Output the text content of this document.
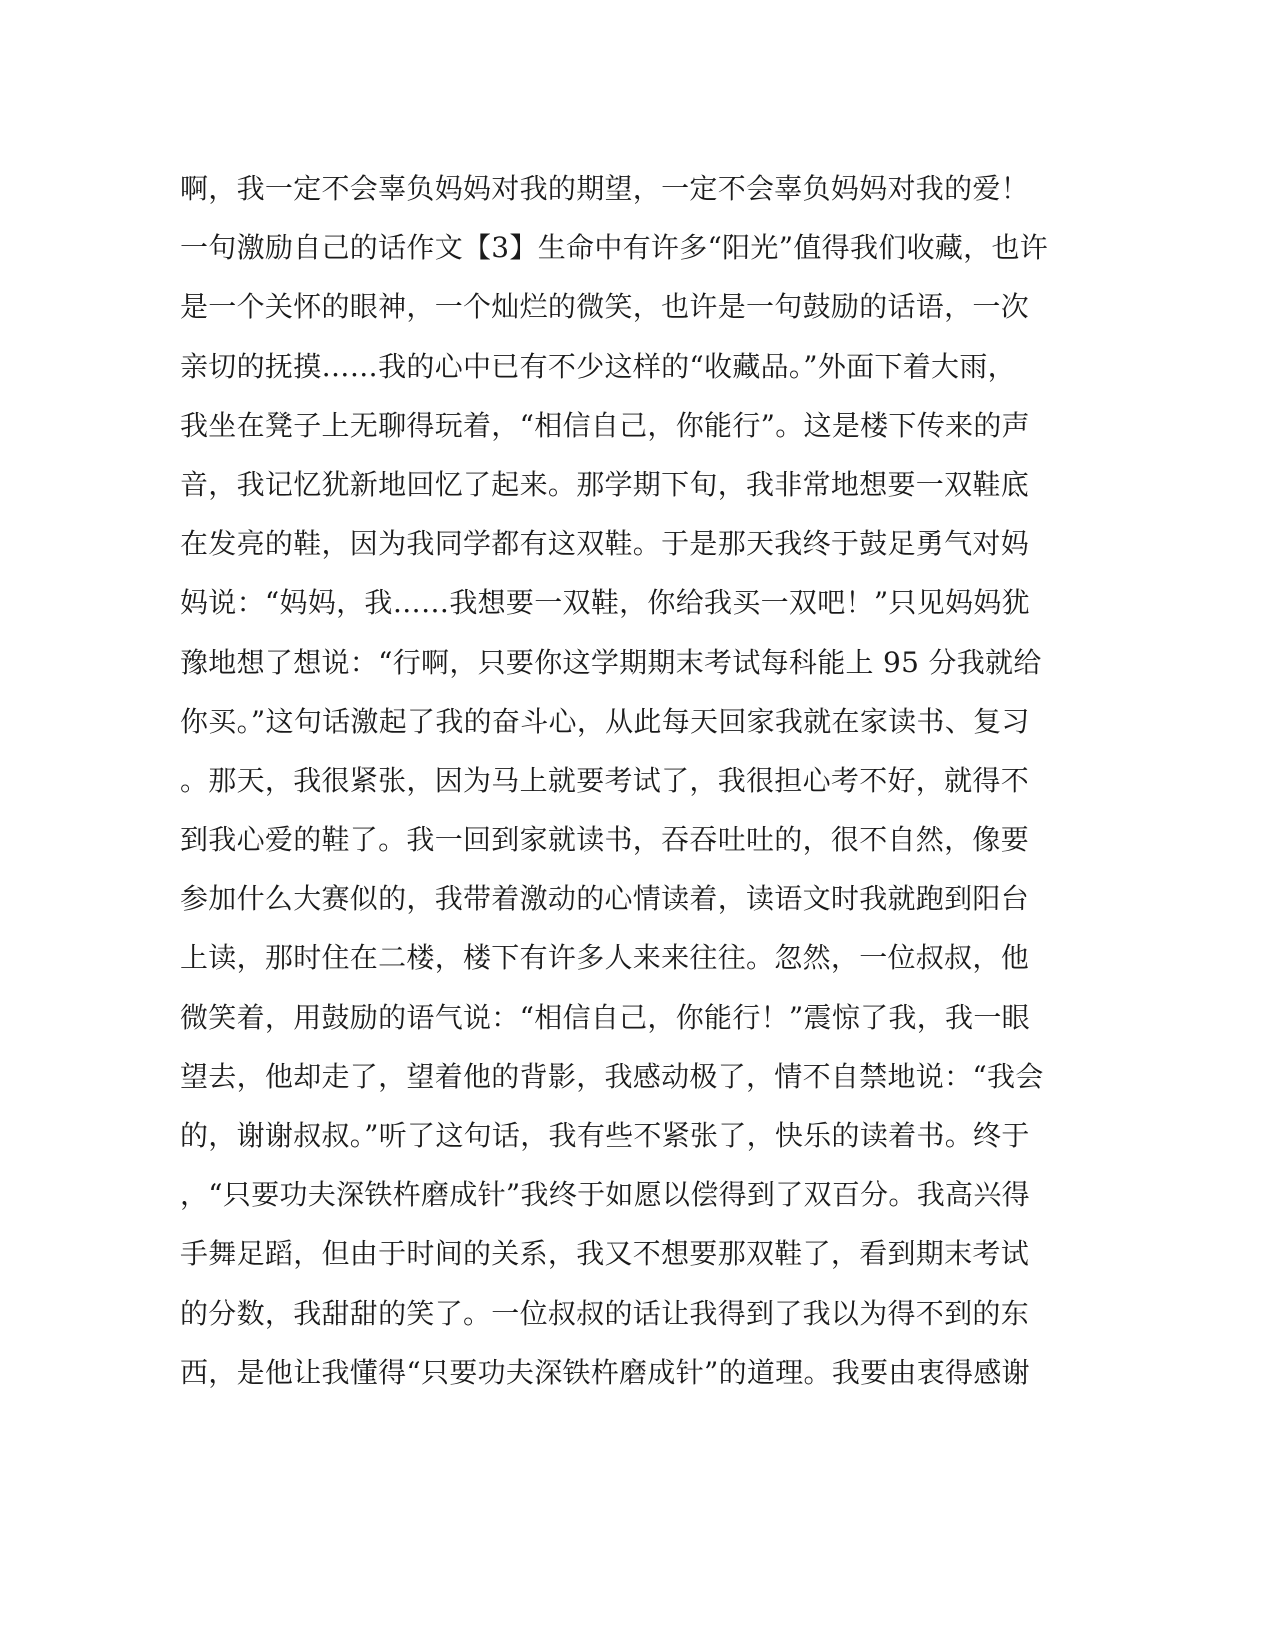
啊，我一定不会辜负妈妈对我的期望，一定不会辜负妈妈对我的爱！
一句激励自己的话作文【3】生命中有许多“阳光”值得我们收藏，也许
是一个关怀的眼神，一个灿烂的微笑，也许是一句鼓励的话语，一次
亲切的抚摸……我的心中已有不少这样的“收藏品。”外面下着大雨，
我坐在凳子上无聊得玩着，“相信自己，你能行”。这是楼下传来的声
音，我记忆犹新地回忆了起来。那学期下旬，我非常地想要一双鞋底
在发亮的鞋，因为我同学都有这双鞋。于是那天我终于鼓足勇气对妈
妈说：“妈妈，我……我想要一双鞋，你给我买一双吧！”只见妈妈犹
豫地想了想说：“行啊，只要你这学期期末考试每科能上 95 分我就给
你买。”这句话激起了我的奋斗心，从此每天回家我就在家读书、复习
。那天，我很紧张，因为马上就要考试了，我很担心考不好，就得不
到我心爱的鞋了。我一回到家就读书，吞吞吐吐的，很不自然，像要
参加什么大赛似的，我带着激动的心情读着，读语文时我就跑到阳台
上读，那时住在二楼，楼下有许多人来来往往。忽然，一位叔叔，他
微笑着，用鼓励的语气说：“相信自己，你能行！”震惊了我，我一眼
望去，他却走了，望着他的背影，我感动极了，情不自禁地说：“我会
的，谢谢叔叔。”听了这句话，我有些不紧张了，快乐的读着书。终于
，“只要功夫深铁杵磨成针”我终于如愿以偿得到了双百分。我高兴得
手舞足蹈，但由于时间的关系，我又不想要那双鞋了，看到期末考试
的分数，我甜甜的笑了。一位叔叔的话让我得到了我以为得不到的东
西，是他让我懂得“只要功夫深铁杵磨成针”的道理。我要由衷得感谢
